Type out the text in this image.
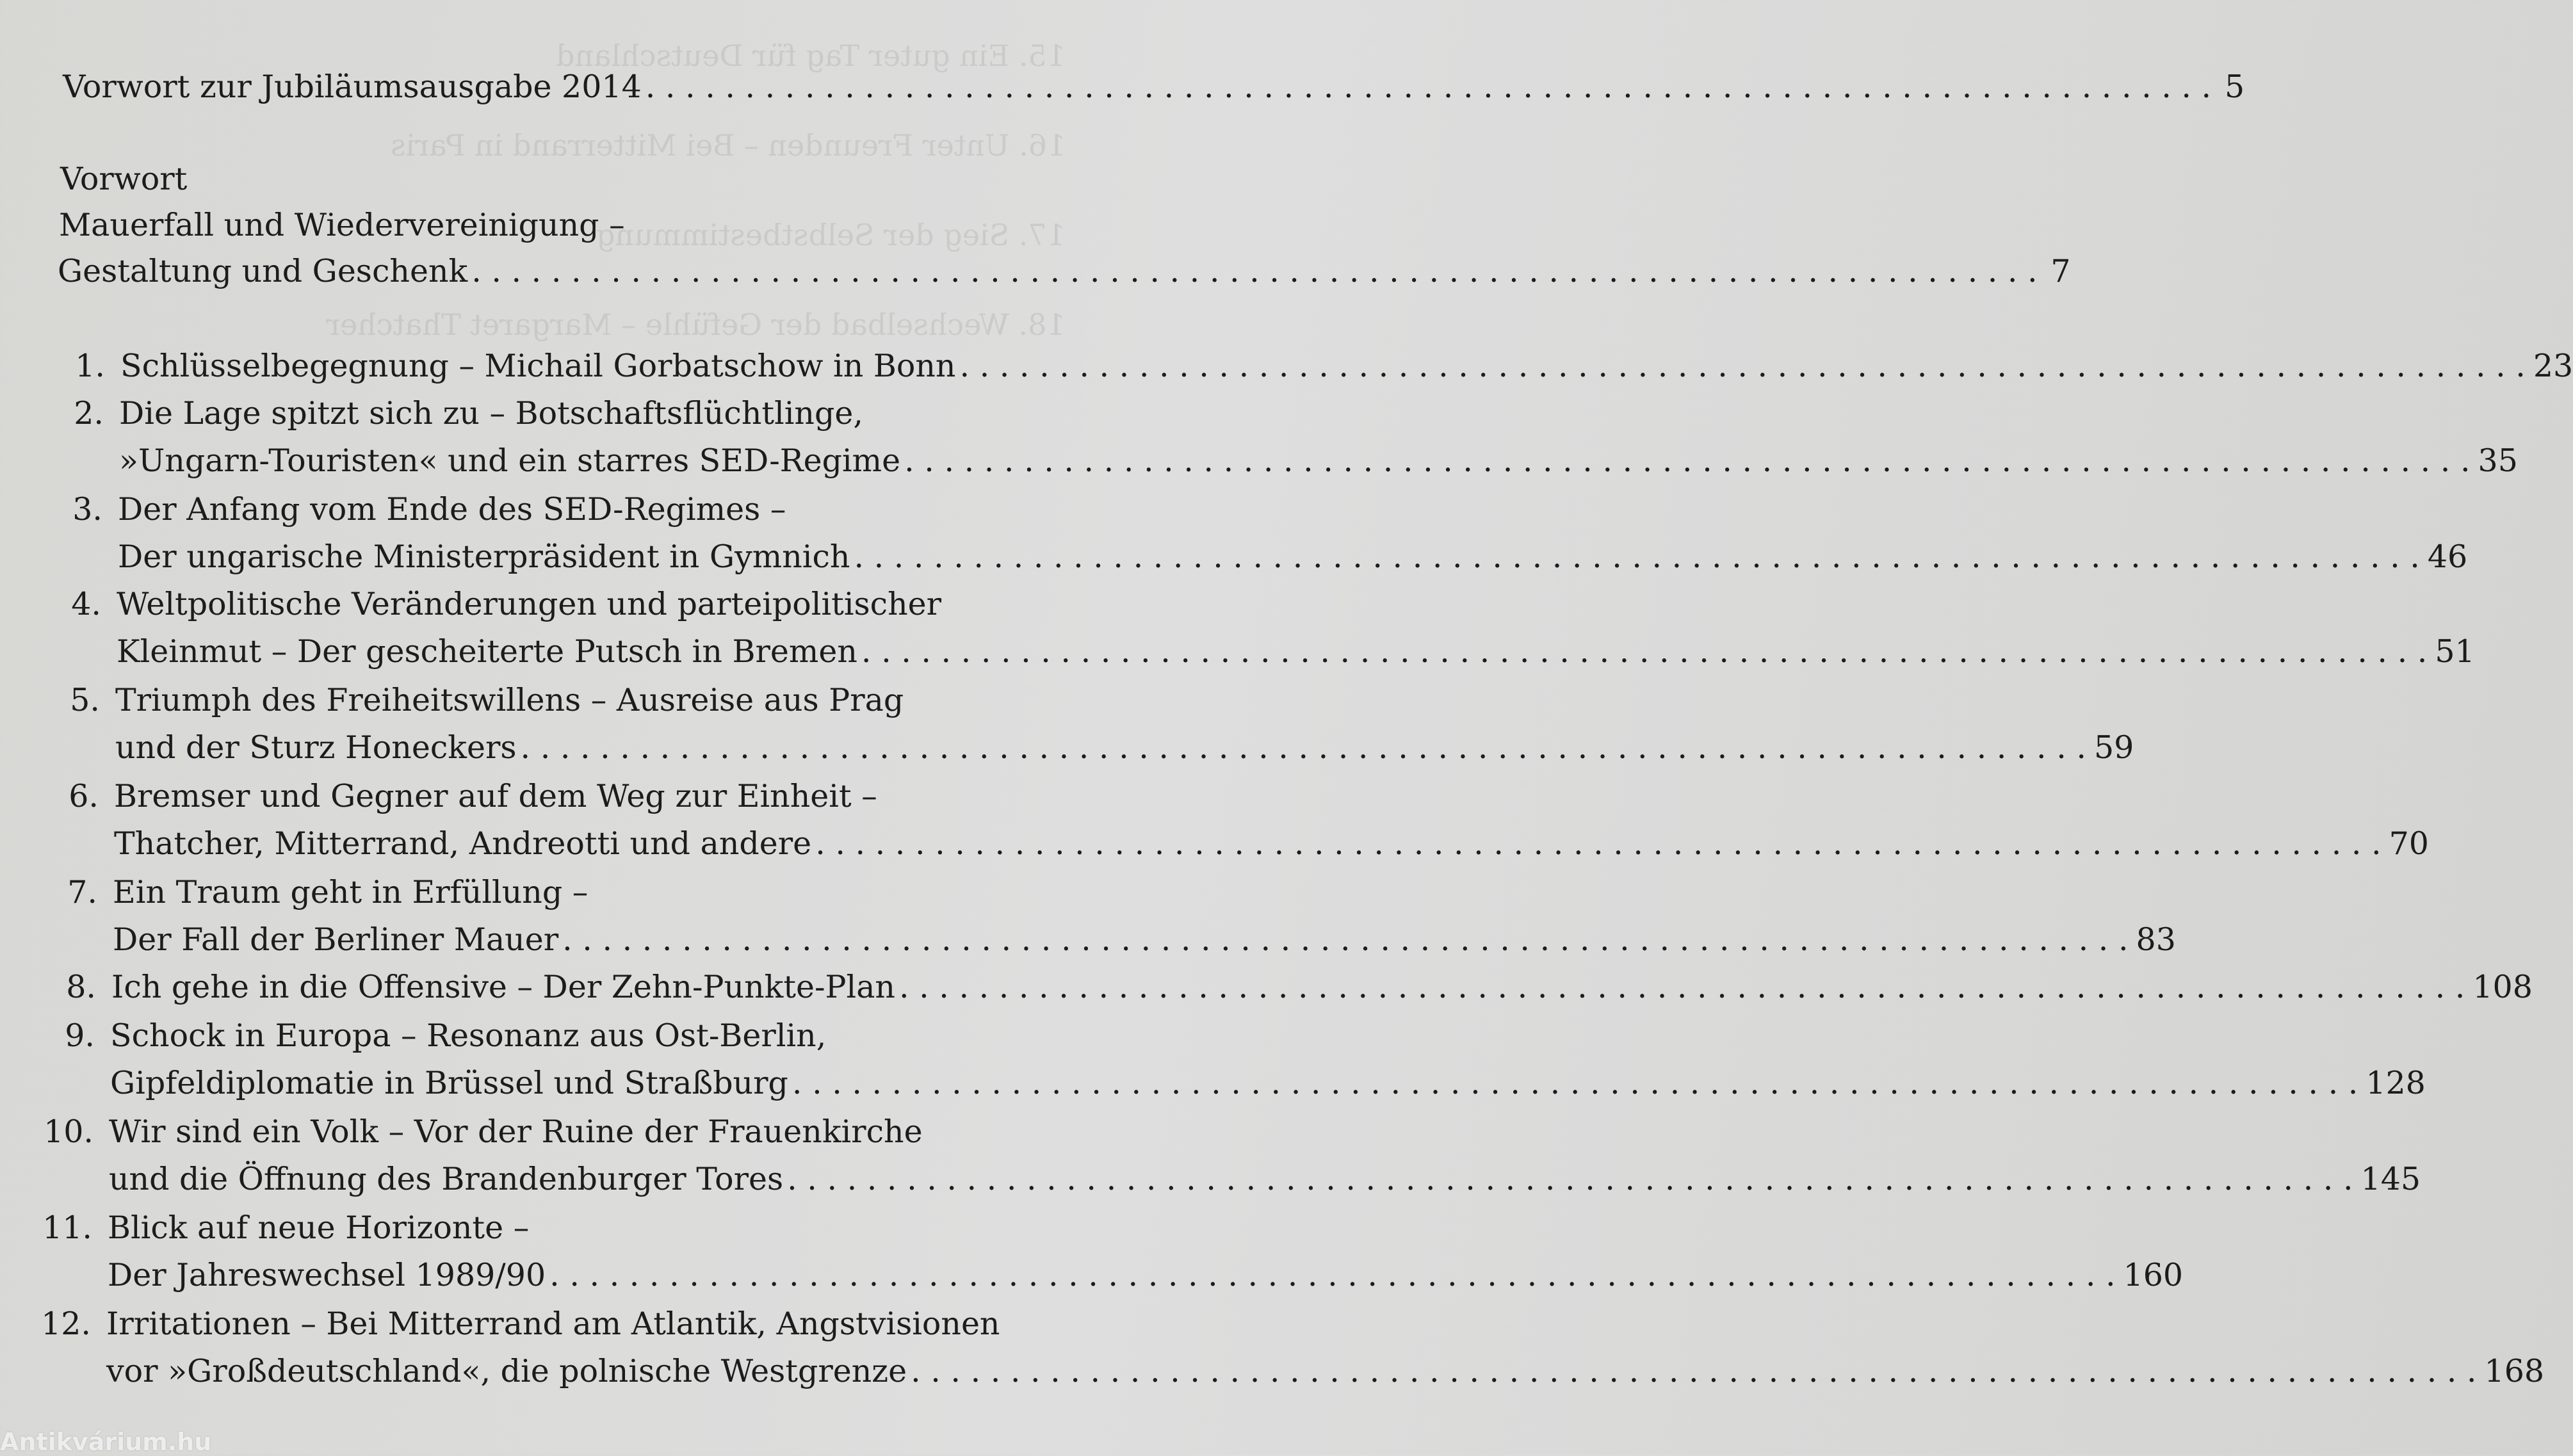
15. Ein guter Tag für Deutschland
16. Unter Freunden – Bei Mitterrand in Paris
17. Sieg der Selbstbestimmung
18. Wechselbad der Gefühle – Margaret Thatcher
Vorwort zur Jubiläumsausgabe 2014 . . .	5
Vorwort
Mauerfall und Wiedervereinigung –
Gestaltung und Geschenk . . .	7
1. Schlüsselbegegnung – Michail Gorbatschow in Bonn . . .	23
2. Die Lage spitzt sich zu – Botschaftsflüchtlinge,
»Ungarn-Touristen« und ein starres SED-Regime . . .	35
3. Der Anfang vom Ende des SED-Regimes –
Der ungarische Ministerpräsident in Gymnich . . .	46
4. Weltpolitische Veränderungen und parteipolitischer
Kleinmut – Der gescheiterte Putsch in Bremen . . .	51
5. Triumph des Freiheitswillens – Ausreise aus Prag
und der Sturz Honeckers . . .	59
6. Bremser und Gegner auf dem Weg zur Einheit –
Thatcher, Mitterrand, Andreotti und andere . . .	70
7. Ein Traum geht in Erfüllung –
Der Fall der Berliner Mauer . . .	83
8. Ich gehe in die Offensive – Der Zehn-Punkte-Plan . . .	108
9. Schock in Europa – Resonanz aus Ost-Berlin,
Gipfeldiplomatie in Brüssel und Straßburg . . .	128
10. Wir sind ein Volk – Vor der Ruine der Frauenkirche
und die Öffnung des Brandenburger Tores . . .	145
11. Blick auf neue Horizonte –
Der Jahreswechsel 1989/90 . . .	160
12. Irritationen – Bei Mitterrand am Atlantik, Angstvisionen
vor »Großdeutschland«, die polnische Westgrenze . . .	168
Antikvárium.hu
